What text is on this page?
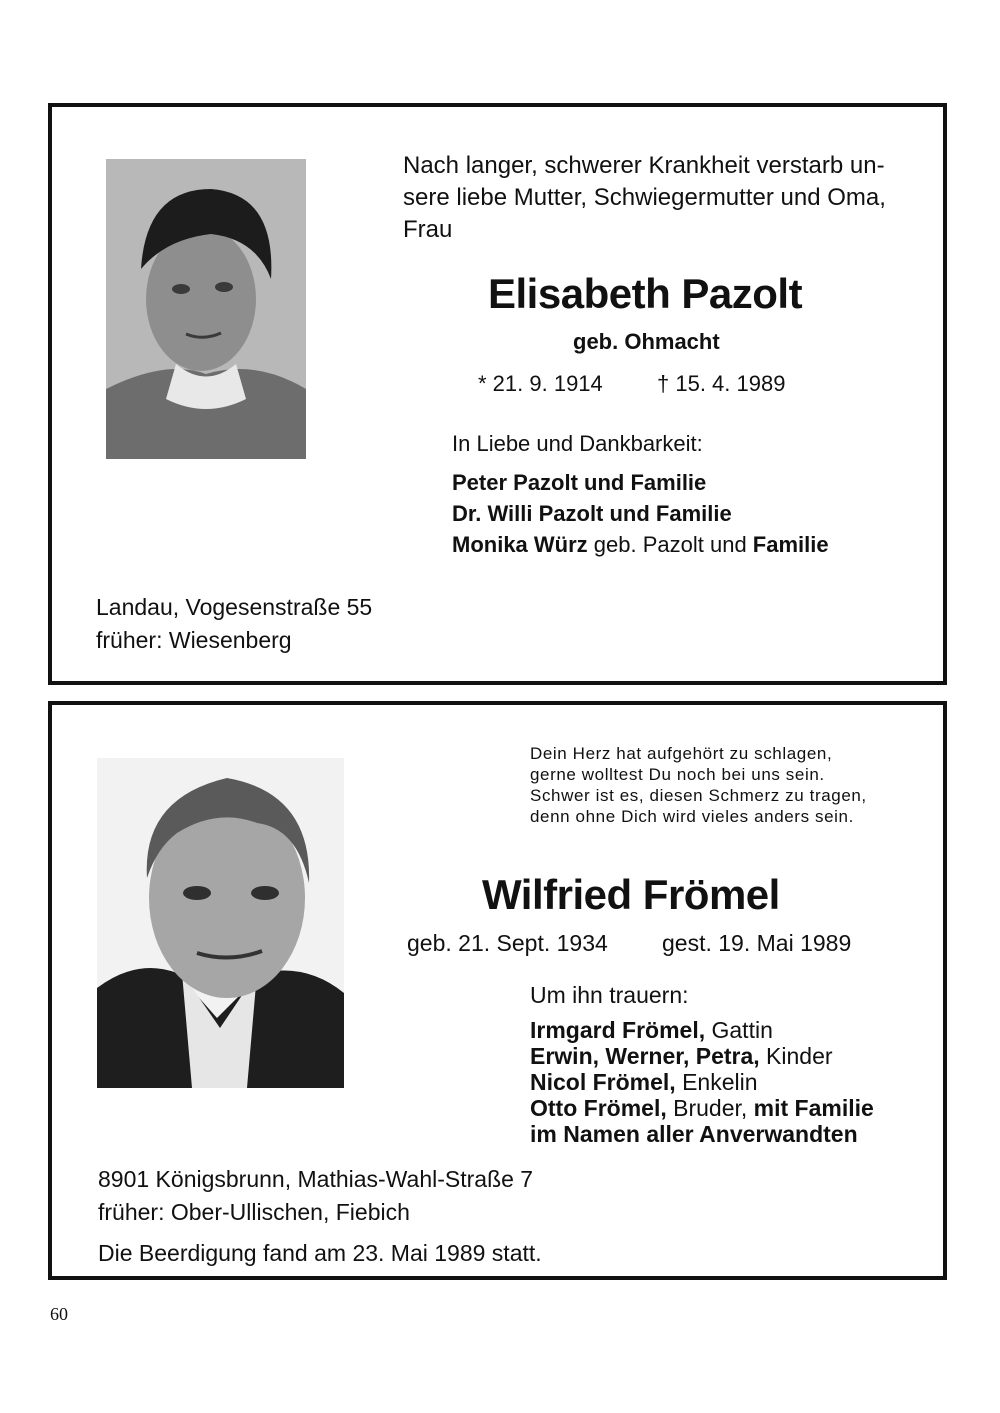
Nach langer, schwerer Krankheit verstarb un-
sere liebe Mutter, Schwiegermutter und Oma,
Frau
Elisabeth Pazolt
geb. Ohmacht
* 21. 9. 1914 † 15. 4. 1989
In Liebe und Dankbarkeit:
Peter Pazolt und Familie
Dr. Willi Pazolt und Familie
Monika Würz geb. Pazolt und Familie
Landau, Vogesenstraße 55
früher: Wiesenberg
Dein Herz hat aufgehört zu schlagen,
gerne wolltest Du noch bei uns sein.
Schwer ist es, diesen Schmerz zu tragen,
denn ohne Dich wird vieles anders sein.
Wilfried Frömel
geb. 21. Sept. 1934 gest. 19. Mai 1989
Um ihn trauern:
Irmgard Frömel, Gattin
Erwin, Werner, Petra, Kinder
Nicol Frömel, Enkelin
Otto Frömel, Bruder, mit Familie
im Namen aller Anverwandten
8901 Königsbrunn, Mathias-Wahl-Straße 7
früher: Ober-Ullischen, Fiebich
Die Beerdigung fand am 23. Mai 1989 statt.
60
